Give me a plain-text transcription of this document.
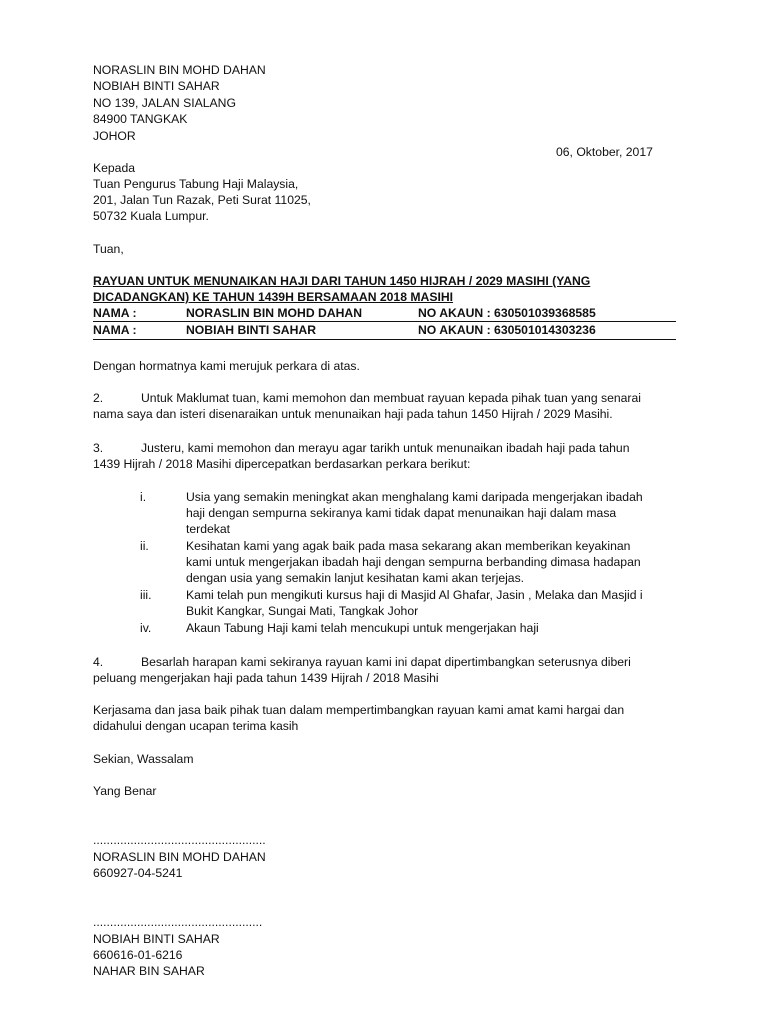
NORASLIN BIN MOHD DAHAN
NOBIAH BINTI SAHAR
NO 139, JALAN SIALANG
84900 TANGKAK
JOHOR
06, Oktober, 2017
Kepada
Tuan Pengurus Tabung Haji Malaysia,
201, Jalan Tun Razak, Peti Surat 11025,
50732 Kuala Lumpur.
Tuan,
RAYUAN UNTUK MENUNAIKAN HAJI DARI TAHUN 1450 HIJRAH / 2029 MASIHI (YANG
DICADANGKAN) KE TAHUN 1439H BERSAMAAN 2018 MASIHI
NAMA :	NORASLIN BIN MOHD DAHAN	NO AKAUN : 630501039368585
NAMA :	NOBIAH BINTI SAHAR	NO AKAUN : 630501014303236
Dengan hormatnya kami merujuk perkara di atas.
2.	Untuk Maklumat tuan, kami memohon dan membuat rayuan kepada pihak tuan yang senarai
nama saya dan isteri disenaraikan untuk menunaikan haji pada tahun 1450 Hijrah / 2029 Masihi.
3.	Justeru, kami memohon dan merayu agar tarikh untuk menunaikan ibadah haji pada tahun
1439 Hijrah / 2018 Masihi dipercepatkan berdasarkan perkara berikut:
i.	Usia yang semakin meningkat akan menghalang kami daripada mengerjakan ibadah
haji dengan sempurna sekiranya kami tidak dapat menunaikan haji dalam masa
terdekat
ii.	Kesihatan kami yang agak baik pada masa sekarang akan memberikan keyakinan
kami untuk mengerjakan ibadah haji dengan sempurna berbanding dimasa hadapan
dengan usia yang semakin lanjut kesihatan kami akan terjejas.
iii.	Kami telah pun mengikuti kursus haji di Masjid Al Ghafar, Jasin , Melaka dan Masjid i
Bukit Kangkar, Sungai Mati, Tangkak Johor
iv.	Akaun Tabung Haji kami telah mencukupi untuk mengerjakan haji
4.	Besarlah harapan kami sekiranya rayuan kami ini dapat dipertimbangkan seterusnya diberi
peluang mengerjakan haji pada tahun 1439 Hijrah / 2018 Masihi
Kerjasama dan jasa baik pihak tuan dalam mempertimbangkan rayuan kami amat kami hargai dan
didahului dengan ucapan terima kasih
Sekian, Wassalam
Yang Benar
...................................................
NORASLIN BIN MOHD DAHAN
660927-04-5241
..................................................
NOBIAH BINTI SAHAR
660616-01-6216
NAHAR BIN SAHAR
